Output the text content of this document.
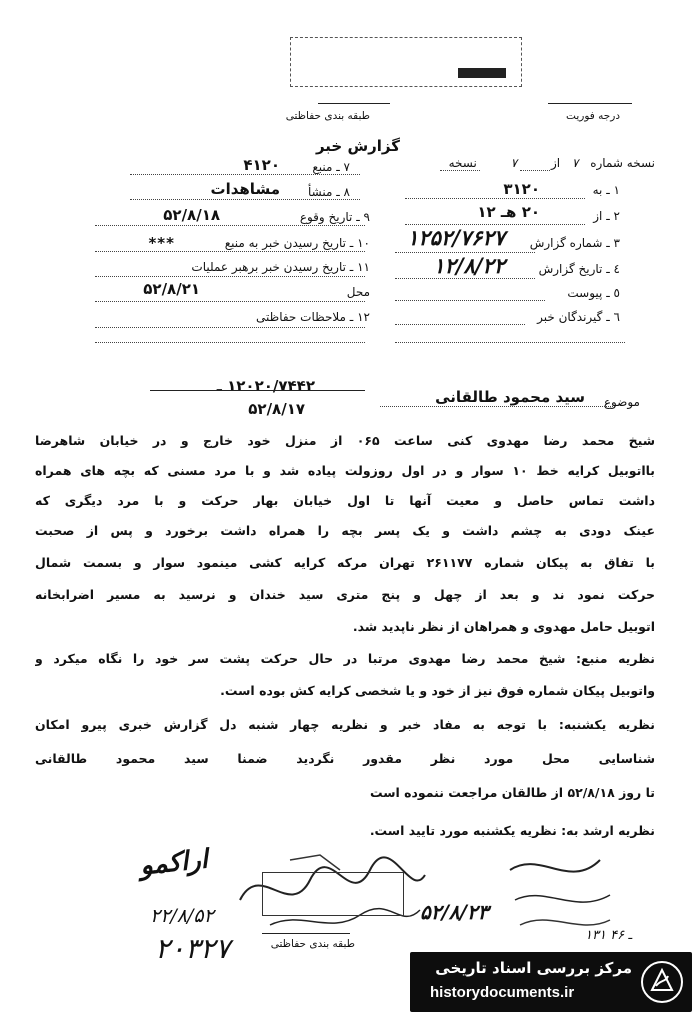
طبقه بندی حفاظتی	درجه فوریت
گزارش خبر
نسخه شماره ۷ از ۷ نسخه
۱ ـ به
۳۱۲۰
۲ ـ از
۲۰ هـ ۱۲
۳ ـ شماره گزارش
۱۲۵۲/۷۶۲۷
٤ ـ تاریخ گزارش
۱۲/۸/۲۲
٥ ـ پیوست
٦ ـ گیرندگان خبر
۷ ـ منبع
۴۱۲۰
۸ ـ منشأ
مشاهدات
۹ ـ تاریخ وقوع
۵۲/۸/۱۸
۱۰ ـ تاریخ رسیدن خبر به منبع
***
۱۱ ـ تاریخ رسیدن خبر برهبر عملیات
محل
۵۲/۸/۲۱
۱۲ ـ ملاحظات حفاظتی
۱۲۰۲۰/۷۴۴۲ ـ
۵۲/۸/۱۷	موضوع
سید محمود طالقانی
شیخ محمد رضا مهدوی کنی ساعت ۰۶۵ از منزل خود خارج و در خیابان شاهرضا
بااتوبیل کرایه خط ۱۰ سوار و در اول روزولت پیاده شد و با مرد مسنی که بچه های همراه
داشت تماس حاصل و معیت آنها تا اول خیابان بهار حرکت و با مرد دیگری که
عینک دودی به چشم داشت و یک پسر بچه را همراه داشت برخورد و پس از صحبت
با تفاق به پیکان شماره ۲۶۱۱۷۷ تهران مرکه کرایه کشی مینمود سوار و بسمت شمال
حرکت نمود ند و بعد از چهل و پنج متری سید خندان و نرسید به مسیر اضرابخانه
اتوبیل حامل مهدوی و همراهان از نظر ناپدید شد.
نظریه منبع: شیخ محمد رضا مهدوی مرتبا در حال حرکت پشت سر خود را نگاه میکرد و
واتوبیل پیکان شماره فوق نیز از خود و یا شخصی کرایه کش بوده است.
نظریه یکشنبه: با توجه به مفاد خبر و نظریه چهار شنبه دل گزارش خبری پیرو امکان
شناسایی محل مورد نظر مقدور نگردید ضمنا سید محمود طالقانی
تا روز ۵۲/۸/۱۸ از طالقان مراجعت ننموده است
نظریه ارشد به: نظریه یکشنبه مورد تایید است.
اراکمو
۲۲/۸/۵۲
۲۰۳۲۷
۵۲/۸/۲۳
۱۳۱ ـ ۴۶
طبقه بندی حفاظتی
مرکز بررسی اسناد تاریخی
historydocuments.ir
